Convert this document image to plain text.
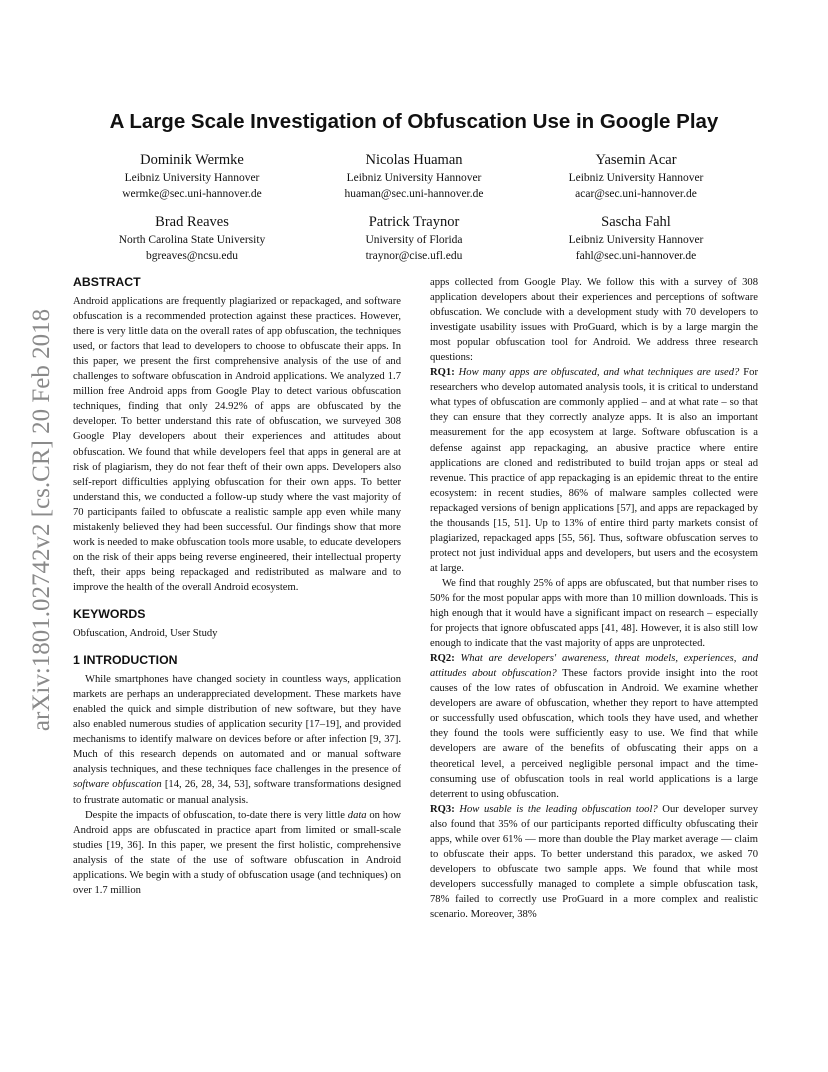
arXiv:1801.02742v2 [cs.CR] 20 Feb 2018
A Large Scale Investigation of Obfuscation Use in Google Play
Dominik Wermke
Leibniz University Hannover
wermke@sec.uni-hannover.de
Nicolas Huaman
Leibniz University Hannover
huaman@sec.uni-hannover.de
Yasemin Acar
Leibniz University Hannover
acar@sec.uni-hannover.de
Brad Reaves
North Carolina State University
bgreaves@ncsu.edu
Patrick Traynor
University of Florida
traynor@cise.ufl.edu
Sascha Fahl
Leibniz University Hannover
fahl@sec.uni-hannover.de
ABSTRACT

Android applications are frequently plagiarized or repackaged, and software obfuscation is a recommended protection against these practices. However, there is very little data on the overall rates of app obfuscation, the techniques used, or factors that lead to developers to choose to obfuscate their apps. In this paper, we present the first comprehensive analysis of the use of and challenges to software obfuscation in Android applications. We analyzed 1.7 million free Android apps from Google Play to detect various obfuscation techniques, finding that only 24.92% of apps are obfuscated by the developer. To better understand this rate of obfuscation, we surveyed 308 Google Play developers about their experiences and attitudes about obfuscation. We found that while developers feel that apps in general are at risk of plagiarism, they do not fear theft of their own apps. Developers also self-report difficulties applying obfuscation for their own apps. To better understand this, we conducted a follow-up study where the vast majority of 70 participants failed to obfuscate a realistic sample app even while many mistakenly believed they had been successful. Our findings show that more work is needed to make obfuscation tools more usable, to educate developers on the risk of their apps being reverse engineered, their intellectual property theft, their apps being repackaged and redistributed as malware and to improve the health of the overall Android ecosystem.

KEYWORDS

Obfuscation, Android, User Study

1 INTRODUCTION

While smartphones have changed society in countless ways, application markets are perhaps an underappreciated development. These markets have enabled the quick and simple distribution of new software, but they have also enabled numerous studies of application security [17–19], and provided mechanisms to identify malware on devices before or after infection [9, 37]. Much of this research depends on automated and or manual software analysis techniques, and these techniques face challenges in the presence of software obfuscation [14, 26, 28, 34, 53], software transformations designed to frustrate automatic or manual analysis.

Despite the impacts of obfuscation, to-date there is very little data on how Android apps are obfuscated in practice apart from limited or small-scale studies [19, 36]. In this paper, we present the first holistic, comprehensive analysis of the state of the use of software obfuscation in Android applications. We begin with a study of obfuscation usage (and techniques) on over 1.7 million

apps collected from Google Play. We follow this with a survey of 308 application developers about their experiences and perceptions of software obfuscation. We conclude with a development study with 70 developers to investigate usability issues with ProGuard, which is by a large margin the most popular obfuscation tool for Android. We address three research questions:

RQ1: How many apps are obfuscated, and what techniques are used? For researchers who develop automated analysis tools, it is critical to understand what types of obfuscation are commonly applied – and at what rate – so that they can ensure that they correctly analyze apps. It is also an important measurement for the app ecosystem at large. Software obfuscation is a defense against app repackaging, an abusive practice where entire applications are cloned and redistributed to build trojan apps or steal ad revenue. This practice of app repackaging is an epidemic threat to the entire ecosystem: in recent studies, 86% of malware samples collected were repackaged versions of benign applications [57], and apps are repackaged by the thousands [15, 51]. Up to 13% of entire third party markets consist of plagiarized, repackaged apps [55, 56]. Thus, software obfuscation serves to protect not just individual apps and developers, but users and the ecosystem at large.

We find that roughly 25% of apps are obfuscated, but that number rises to 50% for the most popular apps with more than 10 million downloads. This is high enough that it would have a significant impact on research – especially for projects that ignore obfuscated apps [41, 48]. However, it is also still low enough to indicate that the vast majority of apps are unprotected.

RQ2: What are developers' awareness, threat models, experiences, and attitudes about obfuscation? These factors provide insight into the root causes of the low rates of obfuscation in Android. We examine whether developers are aware of obfuscation, whether they report to have attempted or successfully used obfuscation, which tools they have used, and whether they found the tools were sufficiently easy to use. We find that while developers are aware of the benefits of obfuscating their apps on a theoretical level, a perceived negligible personal impact and the time-consuming use of obfuscation tools in real world applications is a large deterrent to using obfuscation.

RQ3: How usable is the leading obfuscation tool? Our developer survey also found that 35% of our participants reported difficulty obfuscating their apps, while over 61% — more than double the Play market average — claim to obfuscate their apps. To better understand this paradox, we asked 70 developers to obfuscate two sample apps. We found that while most developers successfully managed to complete a simple obfuscation task, 78% failed to correctly use ProGuard in a more complex and realistic scenario. Moreover, 38%
